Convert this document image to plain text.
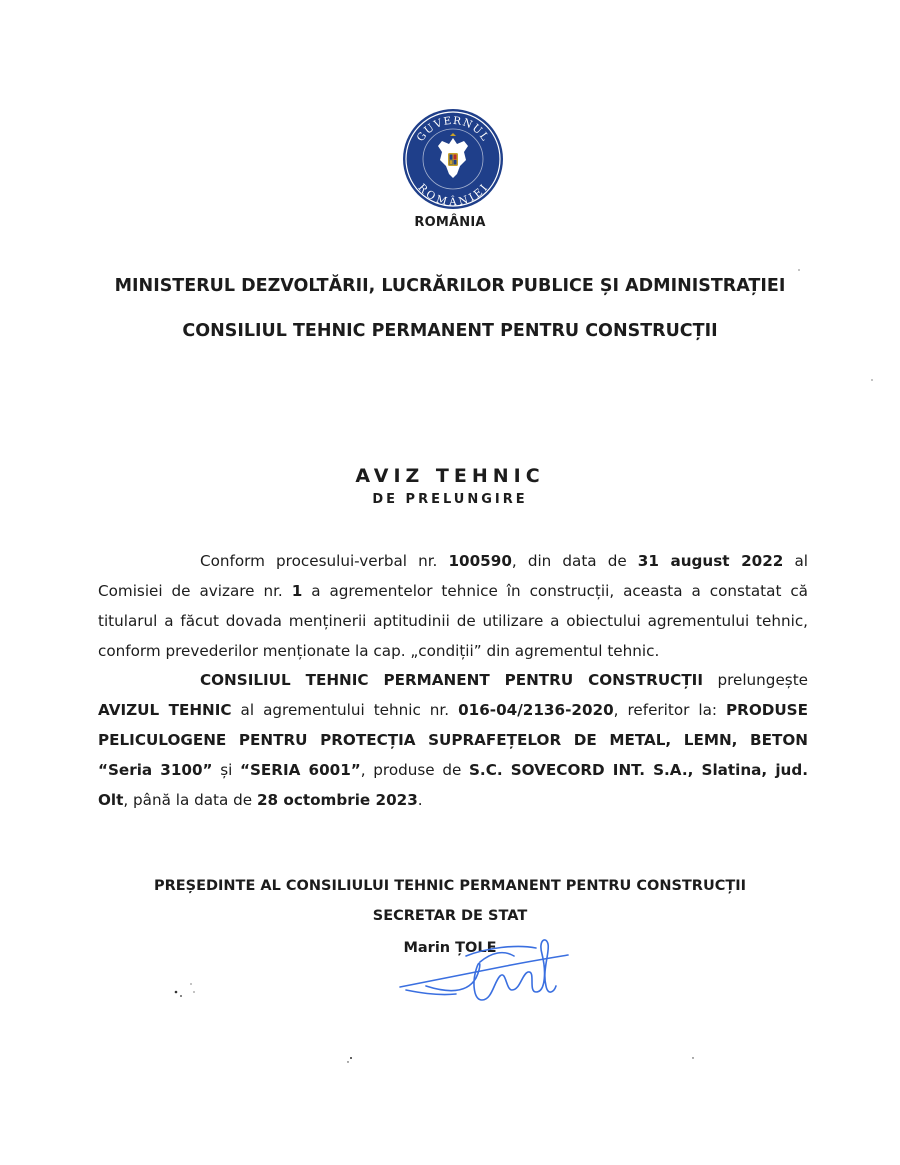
GUVERNUL
ROMÂNIEI
ROMÂNIA
MINISTERUL DEZVOLTĂRII, LUCRĂRILOR PUBLICE ȘI ADMINISTRAȚIEI
CONSILIUL TEHNIC PERMANENT PENTRU CONSTRUCȚII
AVIZ TEHNIC
DE PRELUNGIRE
Conform procesului-verbal nr. 100590, din data de 31 august 2022 al Comisiei de avizare nr. 1 a agrementelor tehnice în construcții, aceasta a constatat că titularul a făcut dovada menținerii aptitudinii de utilizare a obiectului agrementului tehnic, conform prevederilor menționate la cap. „condiții” din agrementul tehnic.
CONSILIUL TEHNIC PERMANENT PENTRU CONSTRUCȚII prelungește AVIZUL TEHNIC al agrementului tehnic nr. 016-04/2136-2020, referitor la: PRODUSE PELICULOGENE PENTRU PROTECȚIA SUPRAFEȚELOR DE METAL, LEMN, BETON “Seria 3100” și “SERIA 6001”, produse de S.C. SOVECORD INT. S.A., Slatina, jud. Olt, până la data de 28 octombrie 2023.
PREȘEDINTE AL CONSILIULUI TEHNIC PERMANENT PENTRU CONSTRUCȚII
SECRETAR DE STAT
Marin ȚOLE
